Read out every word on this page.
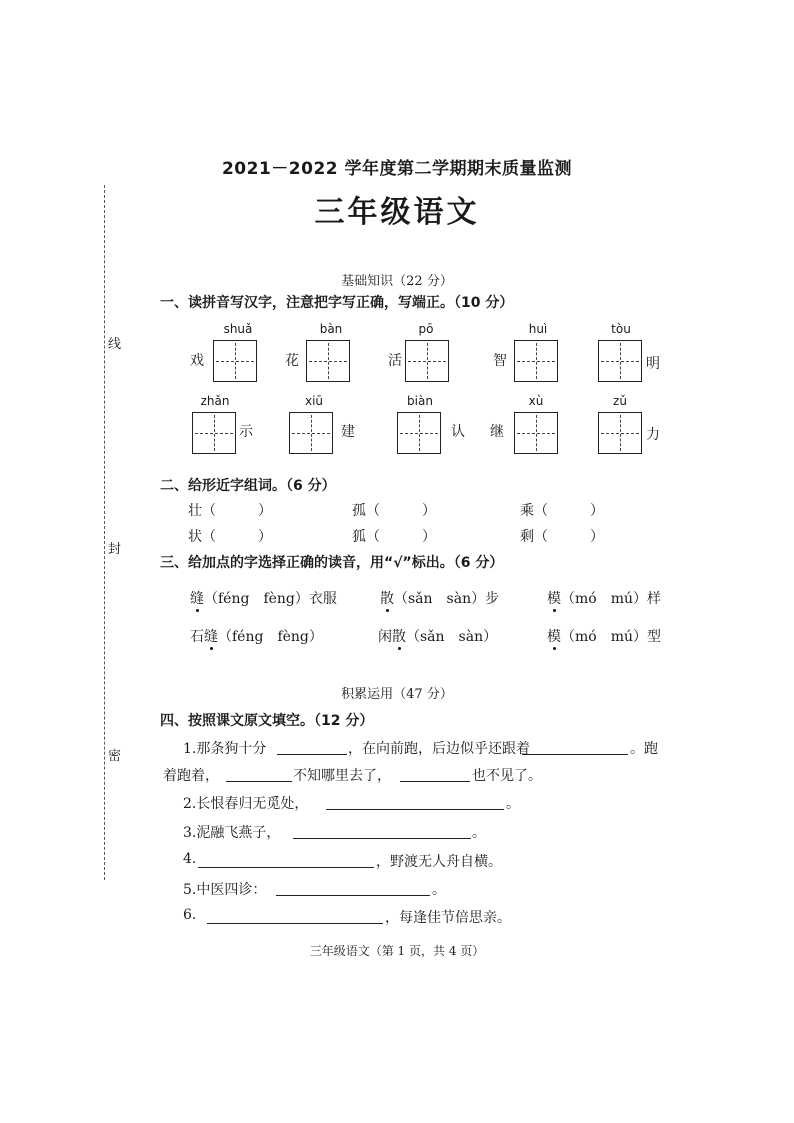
线
封
密
2021－2022 学年度第二学期期末质量监测
三年级语文
基础知识（22 分）
一、读拼音写汉字，注意把字写正确，写端正。（10 分）
shuǎ
戏
bàn
花
pō
活
huì
智
tòu
明
zhǎn
示
xiū
建
biàn
认
xù
继
zǔ
力
二、给形近字组词。（6 分）
壮（　　　）	孤（　　　）	乘（　　　）
状（　　　）	狐（　　　）	剩（　　　）
三、给加点的字选择正确的读音，用“√”标出。（6 分）
缝（féng　fèng）衣服	散（sǎn　sàn）步	模（mó　mú）样
石缝（féng　fèng）	闲散（sǎn　sàn）	模（mó　mú）型
积累运用（47 分）
四、按照课文原文填空。（12 分）
1.那条狗十分	，在向前跑，后边似乎还跟着	。跑
着跑着，	不知哪里去了，	也不见了。
2.长恨春归无觅处，	。
3.泥融飞燕子，	。
4.	，野渡无人舟自横。
5.中医四诊：	。
6.	，每逢佳节倍思亲。
三年级语文（第 1 页，共 4 页）
